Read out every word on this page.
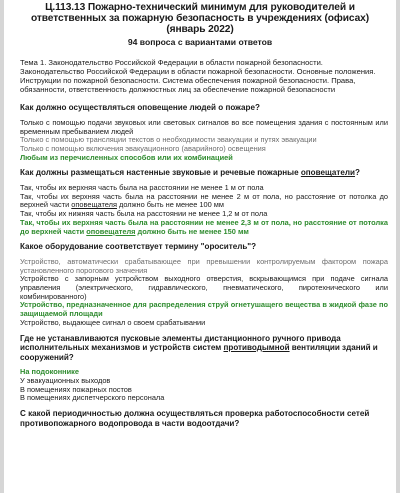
Ц.113.13 Пожарно-технический минимум для руководителей и ответственных за пожарную безопасность в учреждениях (офисах) (январь 2022)
94 вопроса с вариантами ответов
Тема 1. Законодательство Российской Федерации в области пожарной безопасности. Законодательство Российской Федерации в области пожарной безопасности. Основные положения. Инструкции по пожарной безопасности. Система обеспечения пожарной безопасности. Права, обязанности, ответственность должностных лиц за обеспечение пожарной безопасности
Как должно осуществляться оповещение людей о пожаре?
Только с помощью подачи звуковых или световых сигналов во все помещения здания с постоянным или временным пребыванием людей
Только с помощью трансляции текстов о необходимости эвакуации и путях эвакуации
Только с помощью включения эвакуационного (аварийного) освещения
Любым из перечисленных способов или их комбинацией
Как должны размещаться настенные звуковые и речевые пожарные оповещатели?
Так, чтобы их верхняя часть была на расстоянии не менее 1 м от пола
Так, чтобы их верхняя часть была на расстоянии не менее 2 м от пола, но расстояние от потолка до верхней части оповещателя должно быть не менее 100 мм
Так, чтобы их нижняя часть была на расстоянии не менее 1,2 м от пола
Так, чтобы их верхняя часть была на расстоянии не менее 2,3 м от пола, но расстояние от потолка до верхней части оповещателя должно быть не менее 150 мм
Какое оборудование соответствует термину "ороситель"?
Устройство, автоматически срабатывающее при превышении контролируемым фактором пожара установленного порогового значения
Устройство с запорным устройством выходного отверстия, вскрывающимся при подаче сигнала управления (электрического, гидравлического, пневматического, пиротехнического или комбинированного)
Устройство, предназначенное для распределения струй огнетушащего вещества в жидкой фазе по защищаемой площади
Устройство, выдающее сигнал о своем срабатывании
Где не устанавливаются пусковые элементы дистанционного ручного привода исполнительных механизмов и устройств систем противодымной вентиляции зданий и сооружений?
На подоконнике
У эвакуационных выходов
В помещениях пожарных постов
В помещениях диспетчерского персонала
С какой периодичностью должна осуществляться проверка работоспособности сетей противопожарного водопровода в части водоотдачи?
